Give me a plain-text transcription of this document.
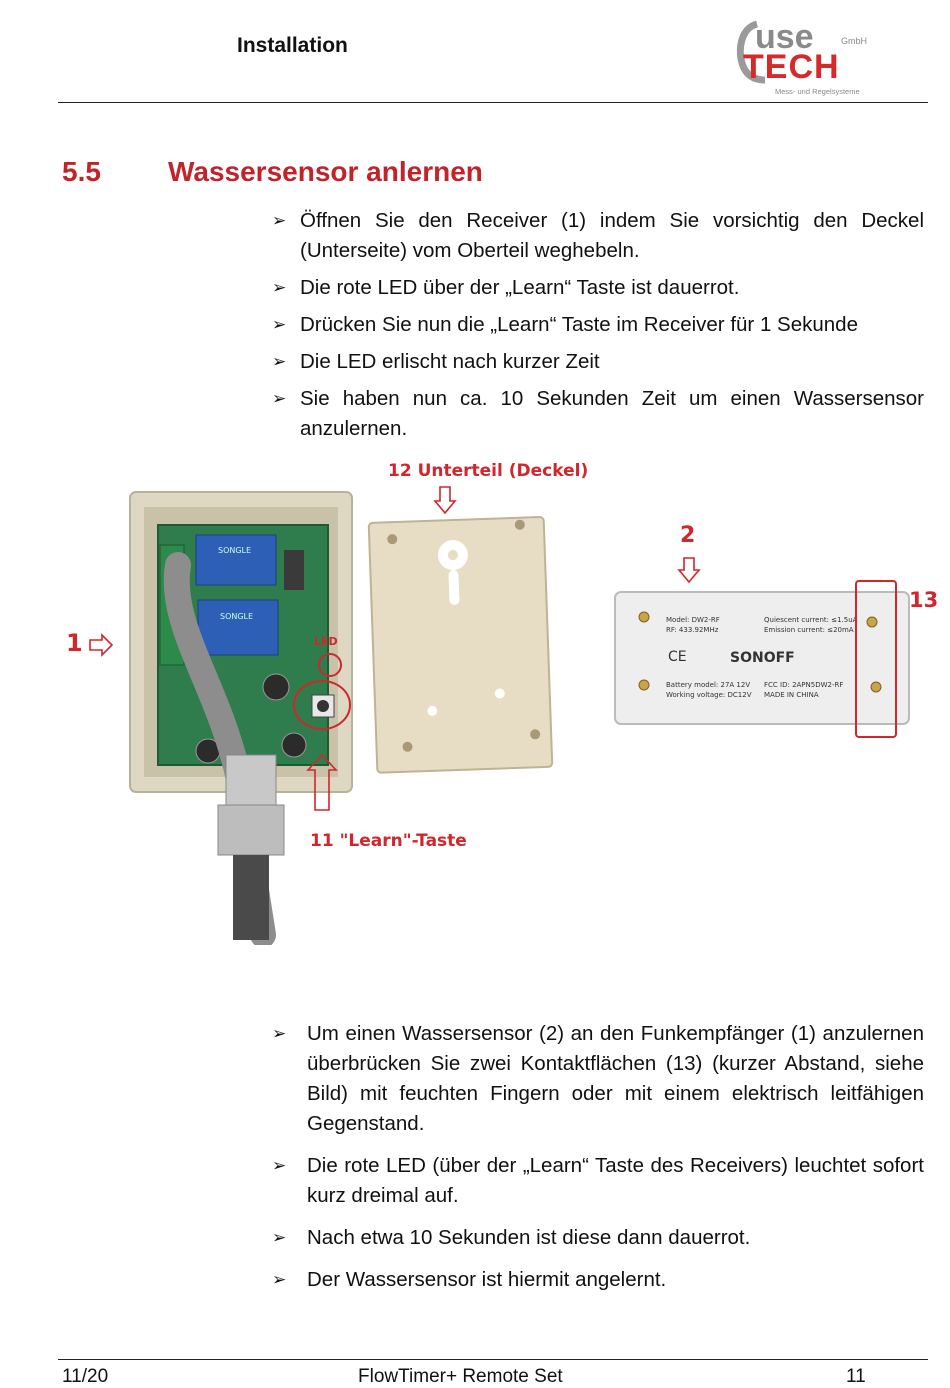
Installation	use	GmbH
TECH
Mess- und Regelsysteme
5.5 Wassersensor anlernen
➢ Öffnen Sie den Receiver (1) indem Sie vorsichtig den Deckel (Unterseite) vom Oberteil weghebeln.
➢ Die rote LED über der „Learn“ Taste ist dauerrot.
➢ Drücken Sie nun die „Learn“ Taste im Receiver für 1 Sekunde
➢ Die LED erlischt nach kurzer Zeit
➢ Sie haben nun ca. 10 Sekunden Zeit um einen Wassersensor anzulernen.
SONGLE
SONGLE
LED
Model: DW2-RF
RF: 433.92MHz
Quiescent current: ≤1.5uA
Emission current: ≤20mA
CE	SONOFF
Battery model: 27A 12V
Working voltage: DC12V
FCC ID: 2APN5DW2-RF
MADE IN CHINA
1
12 Unterteil (Deckel)
2
13
11 "Learn"-Taste
➢ Um einen Wassersensor (2) an den Funkempfänger (1) anzulernen überbrücken Sie zwei Kontaktflächen (13) (kurzer Abstand, siehe Bild) mit feuchten Fingern oder mit einem elektrisch leitfähigen Gegenstand.
➢ Die rote LED (über der „Learn“ Taste des Receivers) leuchtet sofort kurz dreimal auf.
➢ Nach etwa 10 Sekunden ist diese dann dauerrot.
➢ Der Wassersensor ist hiermit angelernt.
11/20	FlowTimer+ Remote Set	11
